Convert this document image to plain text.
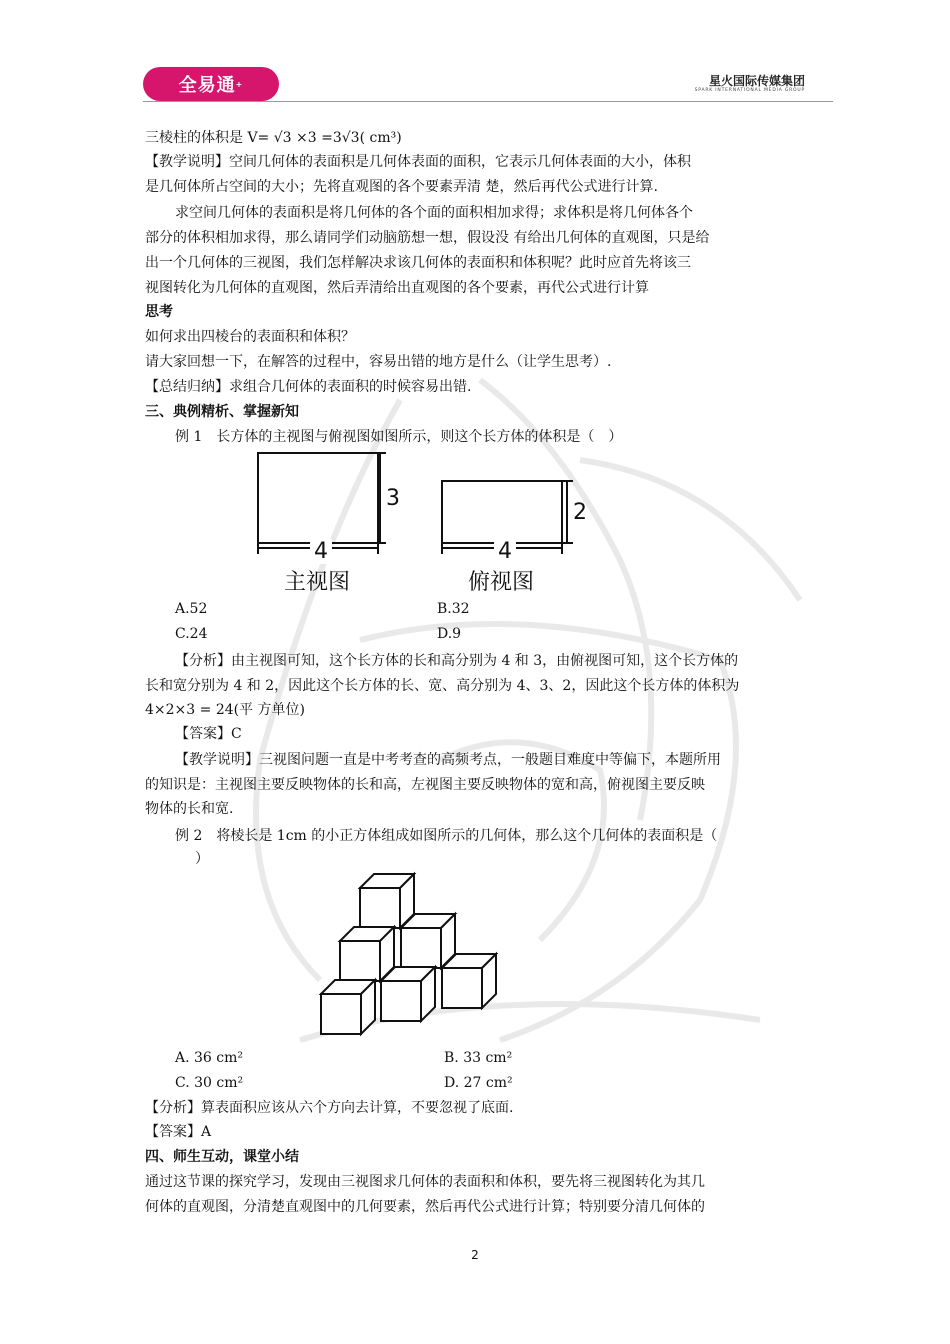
全易通 +	星火国际传媒集团
SPARK INTERNATIONAL MEDIA GROUP
三棱柱的体积是 V= √3 ×3 =3√3( cm³)
【教学说明】空间几何体的表面积是几何体表面的面积，它表示几何体表面的大小，体积
是几何体所占空间的大小；先将直观图的各个要素弄清 楚，然后再代公式进行计算.
求空间几何体的表面积是将几何体的各个面的面积相加求得；求体积是将几何体各个
部分的体积相加求得，那么请同学们动脑筋想一想，假设没 有给出几何体的直观图，只是给
出一个几何体的三视图，我们怎样解决求该几何体的表面积和体积呢？此时应首先将该三
视图转化为几何体的直观图，然后弄清给出直观图的各个要素，再代公式进行计算
思考
如何求出四棱台的表面积和体积？
请大家回想一下，在解答的过程中，容易出错的地方是什么（让学生思考）.
【总结归纳】求组合几何体的表面积的时候容易出错.
三、典例精析、掌握新知
例 1　长方体的主视图与俯视图如图所示，则这个长方体的体积是（　）
3
4
2
4
主视图	俯视图
A.52	B.32
C.24	D.9
【分析】由主视图可知，这个长方体的长和高分别为 4 和 3，由俯视图可知，这个长方体的
长和宽分别为 4 和 2，因此这个长方体的长、宽、高分别为 4、3、2，因此这个长方体的体积为
4×2×3 = 24(平 方单位)
【答案】C
【教学说明】三视图问题一直是中考考查的高频考点，一般题目难度中等偏下，本题所用
的知识是：主视图主要反映物体的长和高，左视图主要反映物体的宽和高，俯视图主要反映
物体的长和宽.
例 2　将棱长是 1cm 的小正方体组成如图所示的几何体，那么这个几何体的表面积是（
）
A. 36 cm²	B. 33 cm²
C. 30 cm²	D. 27 cm²
【分析】算表面积应该从六个方向去计算，不要忽视了底面.
【答案】A
四、师生互动，课堂小结
通过这节课的探究学习，发现由三视图求几何体的表面积和体积，要先将三视图转化为其几
何体的直观图，分清楚直观图中的几何要素，然后再代公式进行计算；特别要分清几何体的
2
